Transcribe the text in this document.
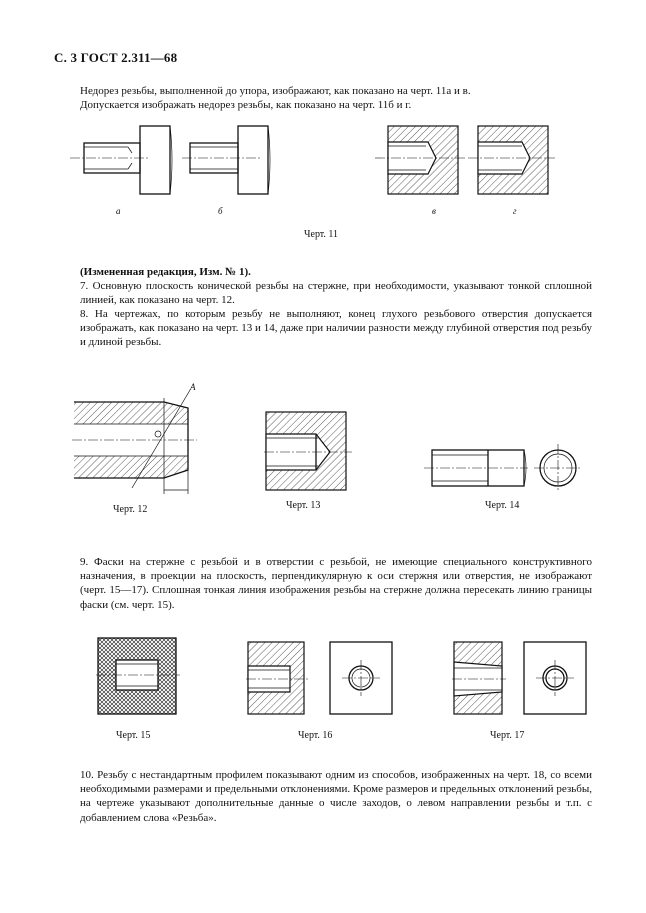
С. 3 ГОСТ 2.311—68

Недорез резьбы, выполненной до упора, изображают, как показано на черт. 11а и в.

Допускается изображать недорез резьбы, как показано на черт. 11б и г.

а	б	в	г
Черт. 11

(Измененная редакция, Изм. № 1).

7. Основную плоскость конической резьбы на стержне, при необходимости, указывают тонкой сплошной линией, как показано на черт. 12.

8. На чертежах, по которым резьбу не выполняют, конец глухого резьбового отверстия допускается изображать, как показано на черт. 13 и 14, даже при наличии разности между глубиной отверстия под резьбу и длиной резьбы.

A
Черт. 12	Черт. 13	Черт. 14

9. Фаски на стержне с резьбой и в отверстии с резьбой, не имеющие специального конструктивного назначения, в проекции на плоскость, перпендикулярную к оси стержня или отверстия, не изображают (черт. 15—17). Сплошная тонкая линия изображения резьбы на стержне должна пересекать линию границы фаски (см. черт. 15).

Черт. 15	Черт. 16	Черт. 17

10. Резьбу с нестандартным профилем показывают одним из способов, изображенных на черт. 18, со всеми необходимыми размерами и предельными отклонениями. Кроме размеров и предельных отклонений резьбы, на чертеже указывают дополнительные данные о числе заходов, о левом направлении резьбы и т.п. с добавлением слова «Резьба».
